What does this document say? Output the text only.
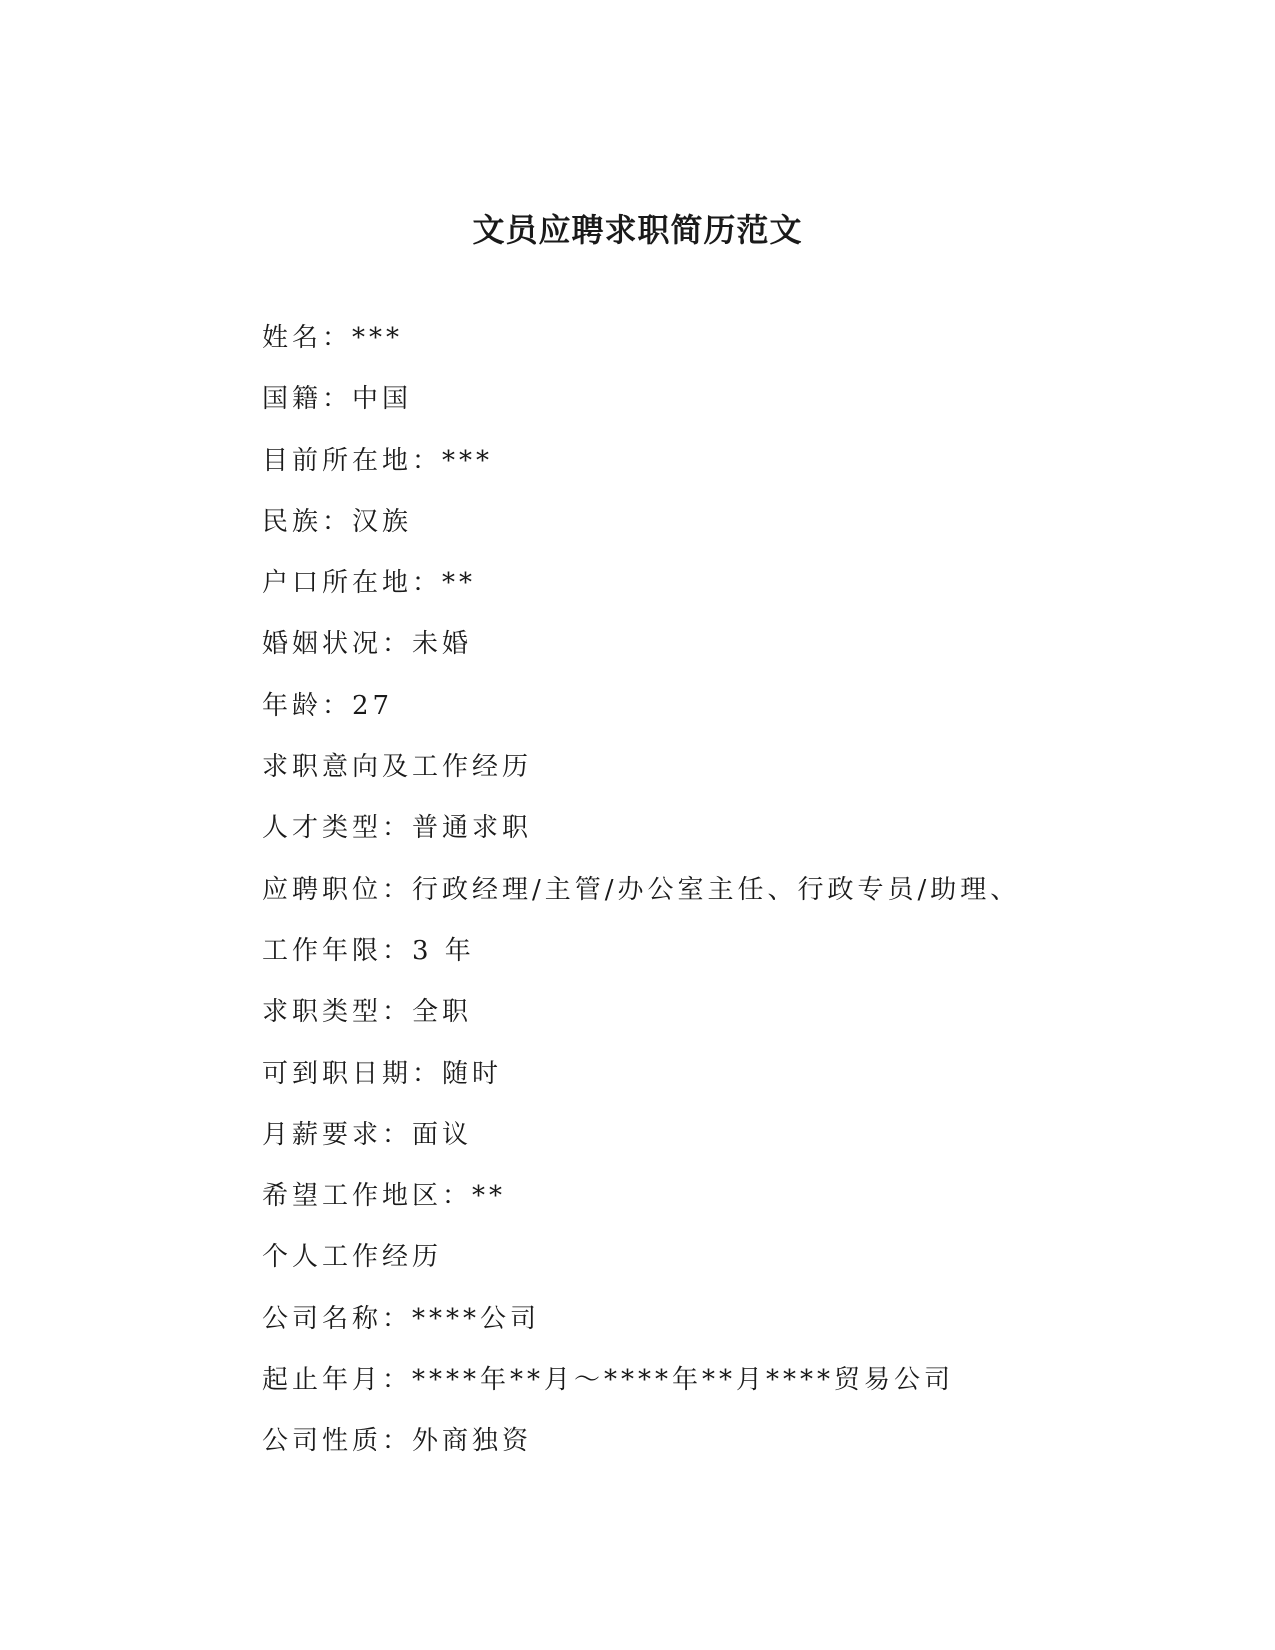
文员应聘求职简历范文
姓名：***
国籍：中国
目前所在地：***
民族：汉族
户口所在地：**
婚姻状况：未婚
年龄：27
求职意向及工作经历
人才类型：普通求职
应聘职位：行政经理/主管/办公室主任、行政专员/助理、
工作年限：3 年
求职类型：全职
可到职日期：随时
月薪要求：面议
希望工作地区：**
个人工作经历
公司名称：****公司
起止年月：****年**月～****年**月****贸易公司
公司性质：外商独资
